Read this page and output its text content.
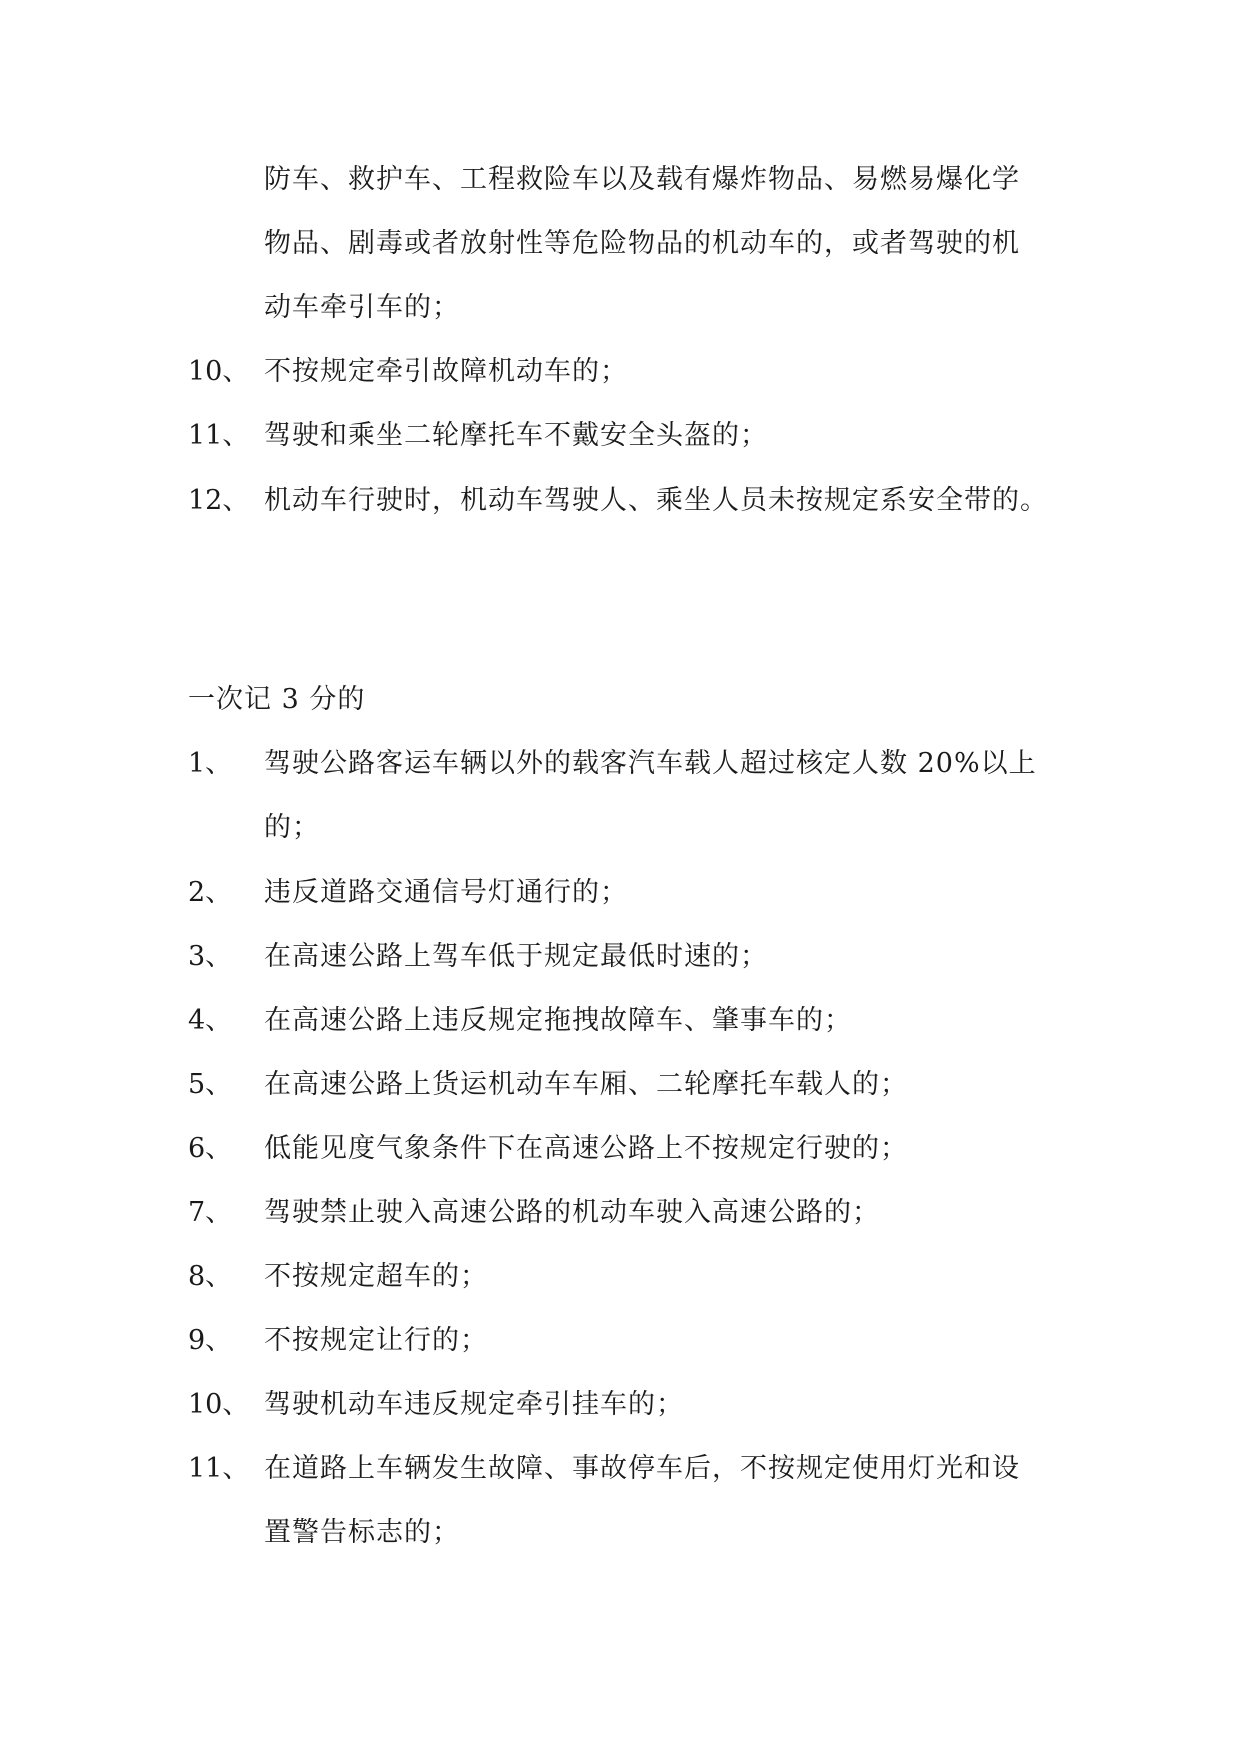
防车、救护车、工程救险车以及载有爆炸物品、易燃易爆化学
物品、剧毒或者放射性等危险物品的机动车的，或者驾驶的机
动车牵引车的；
10、 不按规定牵引故障机动车的；
11、 驾驶和乘坐二轮摩托车不戴安全头盔的；
12、 机动车行驶时，机动车驾驶人、乘坐人员未按规定系安全带的。
一次记 3 分的
1、 驾驶公路客运车辆以外的载客汽车载人超过核定人数 20%以上
的；
2、 违反道路交通信号灯通行的；
3、 在高速公路上驾车低于规定最低时速的；
4、 在高速公路上违反规定拖拽故障车、肇事车的；
5、 在高速公路上货运机动车车厢、二轮摩托车载人的；
6、 低能见度气象条件下在高速公路上不按规定行驶的；
7、 驾驶禁止驶入高速公路的机动车驶入高速公路的；
8、 不按规定超车的；
9、 不按规定让行的；
10、 驾驶机动车违反规定牵引挂车的；
11、 在道路上车辆发生故障、事故停车后，不按规定使用灯光和设
置警告标志的；
